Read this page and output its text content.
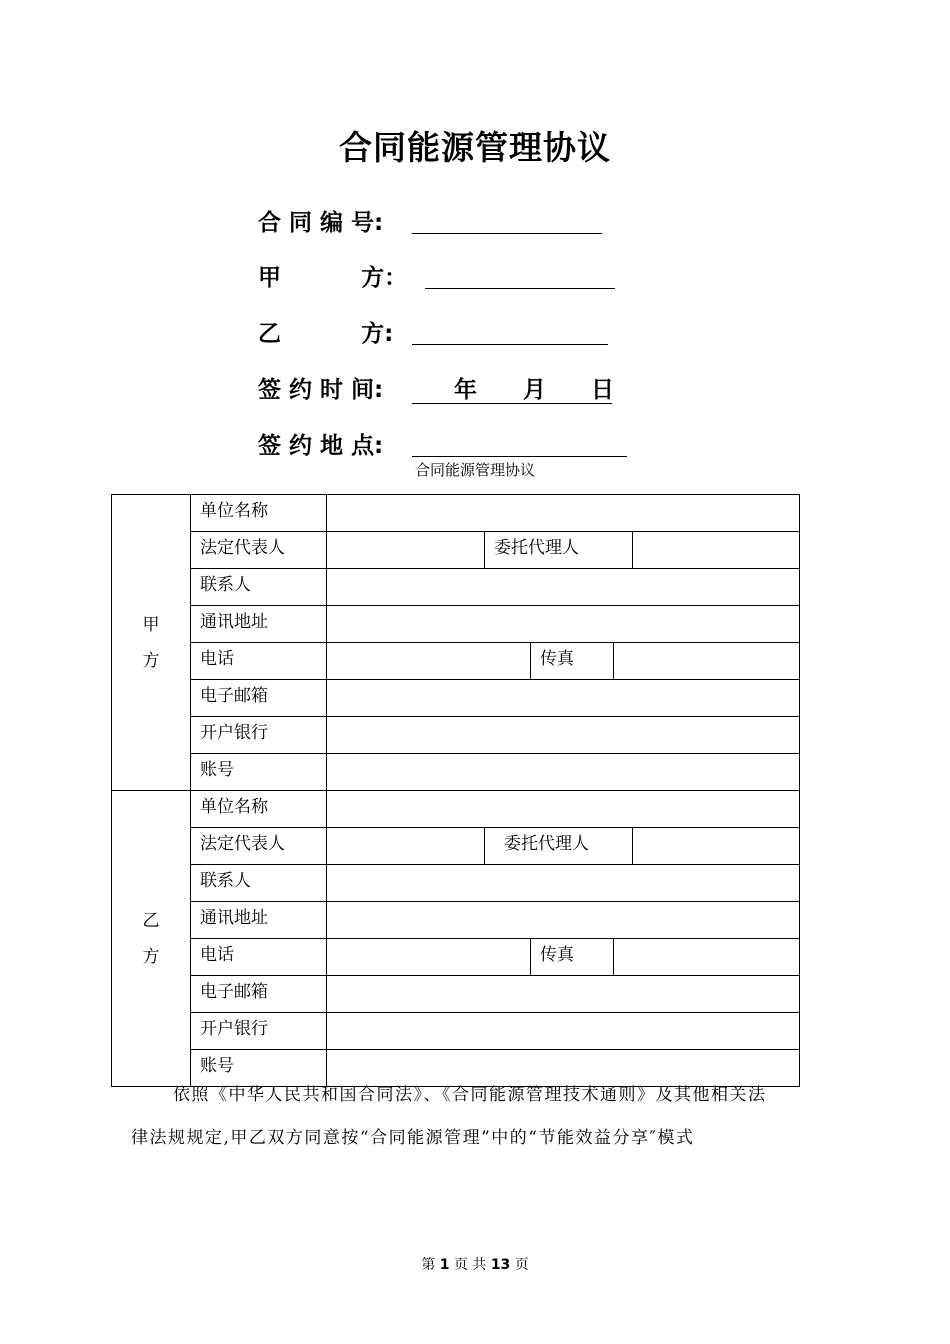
合同能源管理协议
合 同 编 号:
甲          方：
乙          方:
签 约 时 间:	年 月 日
签 约 地 点:
合同能源管理协议
甲方	单位名称					
	法定代表人		委托代理人			
	联系人					
	通讯地址					
	电话			传真		
	电子邮箱					
	开户银行					
	账号					
乙方	单位名称					
	法定代表人		委托代理人			
	联系人					
	通讯地址					
	电话			传真		
	电子邮箱					
	开户银行					
	账号					
依照《中华人民共和国合同法》、《合同能源管理技术通则》及其他相关法
律法规规定,甲乙双方同意按“合同能源管理”中的“节能效益分享″模式
第 1 页 共 13 页
